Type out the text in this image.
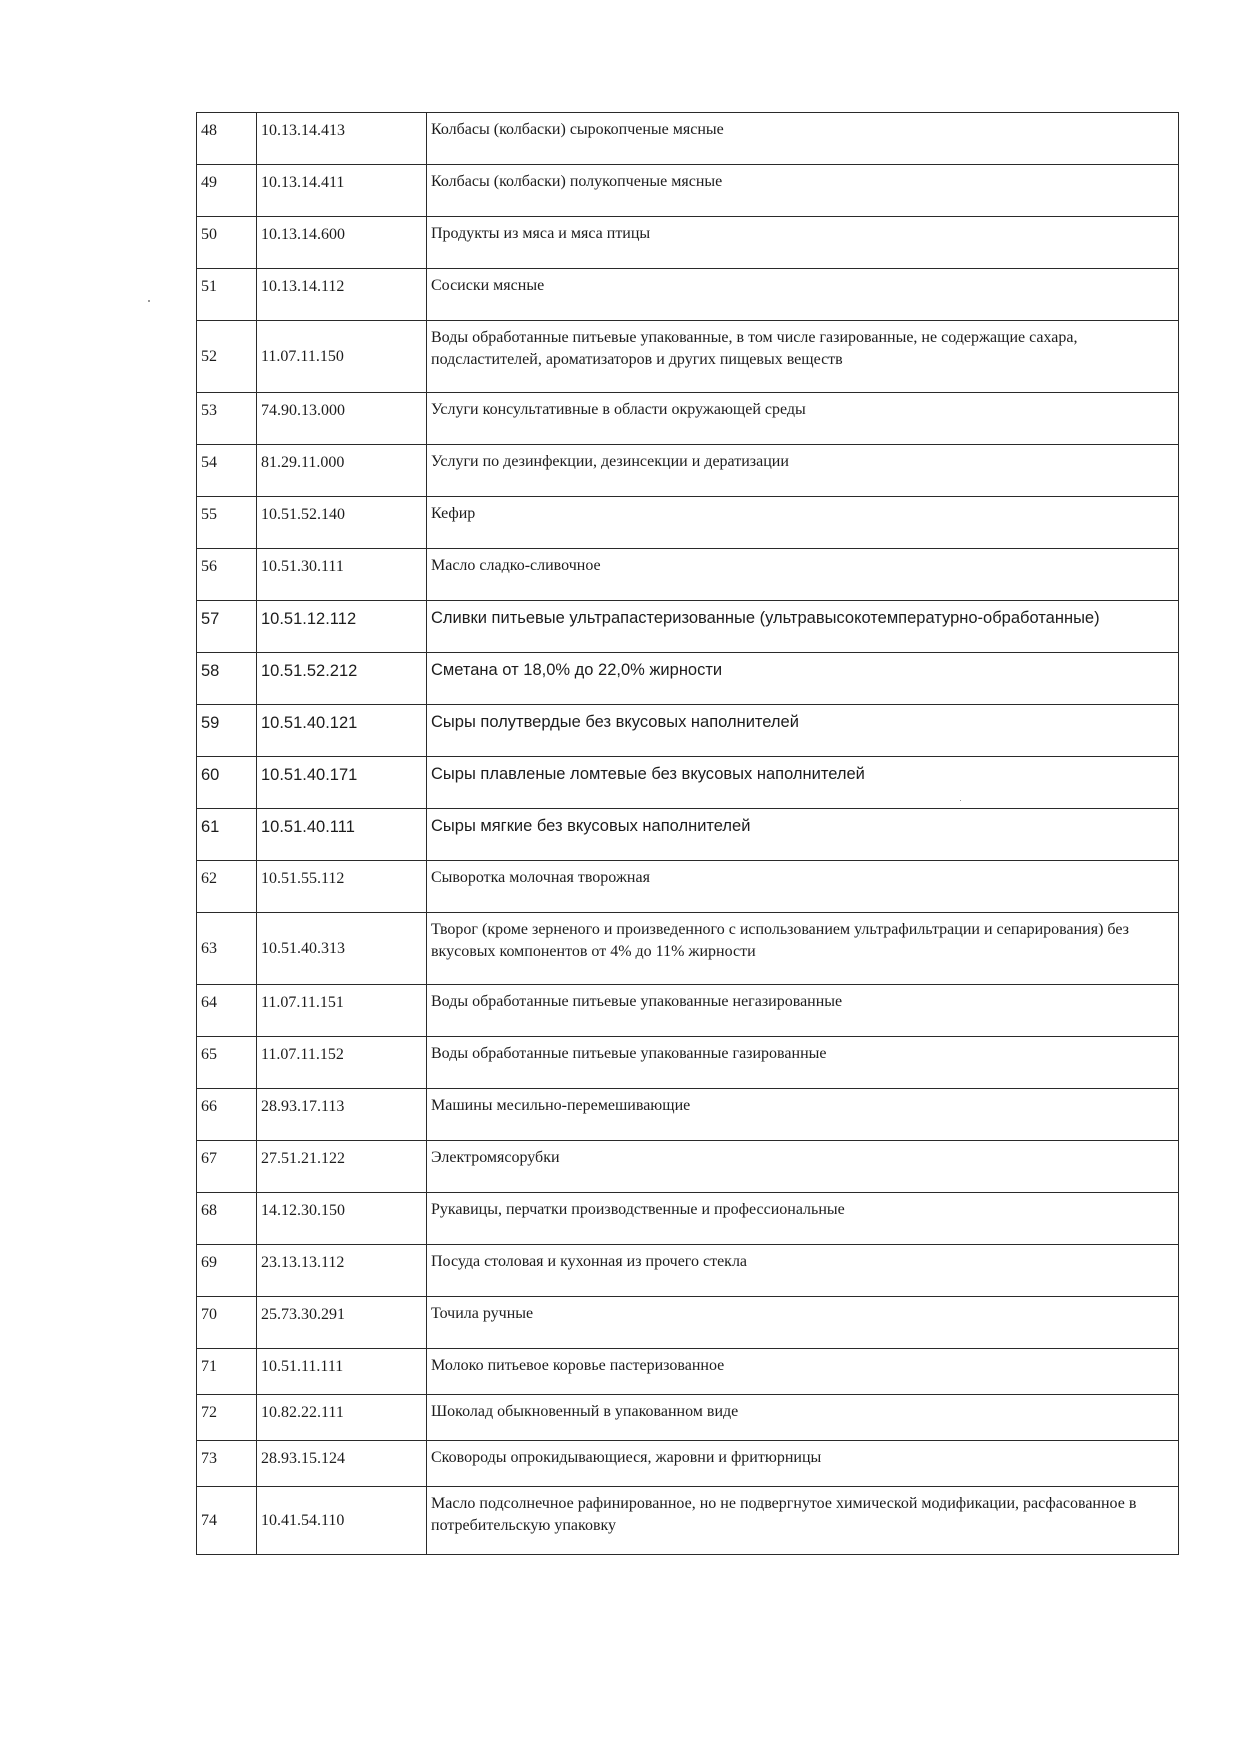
48	10.13.14.413	Колбасы (колбаски) сырокопченые мясные
49	10.13.14.411	Колбасы (колбаски) полукопченые мясные
50	10.13.14.600	Продукты из мяса и мяса птицы
51	10.13.14.112	Сосиски мясные
52	11.07.11.150	Воды обработанные питьевые упакованные, в том числе газированные, не содержащие сахара, подсластителей, ароматизаторов и других пищевых веществ
53	74.90.13.000	Услуги консультативные в области окружающей среды
54	81.29.11.000	Услуги по дезинфекции, дезинсекции и дератизации
55	10.51.52.140	Кефир
56	10.51.30.111	Масло сладко-сливочное
57	10.51.12.112	Сливки питьевые ультрапастеризованные (ультравысокотемпературно-обработанные)
58	10.51.52.212	Сметана от 18,0% до 22,0% жирности
59	10.51.40.121	Сыры полутвердые без вкусовых наполнителей
60	10.51.40.171	Сыры плавленые ломтевые без вкусовых наполнителей
61	10.51.40.111	Сыры мягкие без вкусовых наполнителей
62	10.51.55.112	Сыворотка молочная творожная
63	10.51.40.313	Творог (кроме зерненого и произведенного с использованием ультрафильтрации и сепарирования) без вкусовых компонентов от 4% до 11% жирности
64	11.07.11.151	Воды обработанные питьевые упакованные негазированные
65	11.07.11.152	Воды обработанные питьевые упакованные газированные
66	28.93.17.113	Машины месильно-перемешивающие
67	27.51.21.122	Электромясорубки
68	14.12.30.150	Рукавицы, перчатки производственные и профессиональные
69	23.13.13.112	Посуда столовая и кухонная из прочего стекла
70	25.73.30.291	Точила ручные
71	10.51.11.111	Молоко питьевое коровье пастеризованное
72	10.82.22.111	Шоколад обыкновенный в упакованном виде
73	28.93.15.124	Сковороды опрокидывающиеся, жаровни и фритюрницы
74	10.41.54.110	Масло подсолнечное рафинированное, но не подвергнутое химической модификации, расфасованное в потребительскую упаковку
